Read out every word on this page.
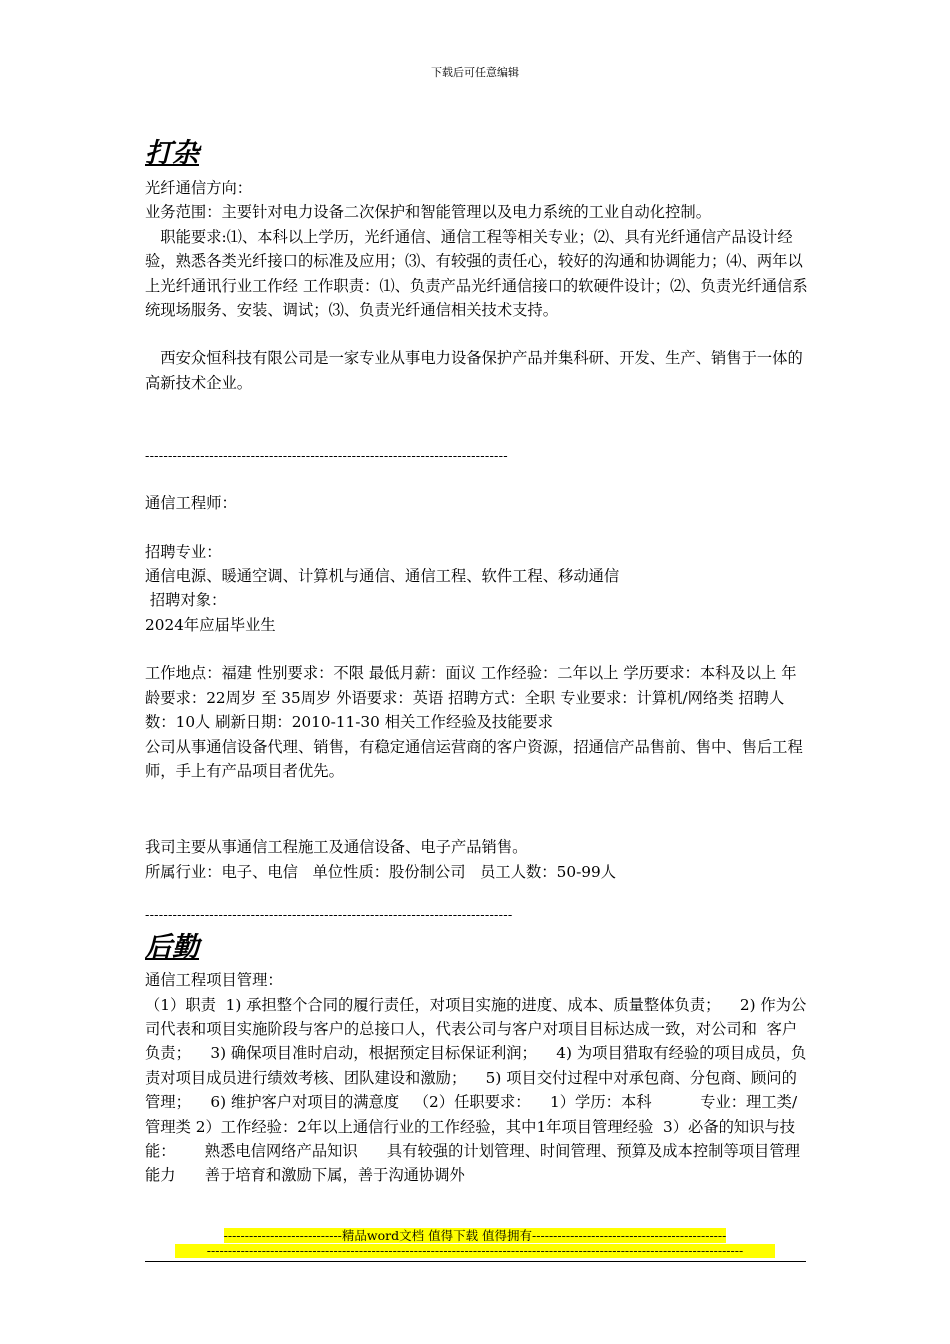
下载后可任意编辑
打杂

光纤通信方向：

业务范围：主要针对电力设备二次保护和智能管理以及电力系统的工业自动化控制。

职能要求:⑴、本科以上学历，光纤通信、通信工程等相关专业；⑵、具有光纤通信产品设计经验，熟悉各类光纤接口的标准及应用；⑶、有较强的责任心，较好的沟通和协调能力；⑷、两年以上光纤通讯行业工作经 工作职责：⑴、负责产品光纤通信接口的软硬件设计；⑵、负责光纤通信系统现场服务、安装、调试；⑶、负责光纤通信相关技术支持。

西安众恒科技有限公司是一家专业从事电力设备保护产品并集科研、开发、生产、销售于一体的高新技术企业。

-------------------------------------------------------------------------------

通信工程师：

招聘专业：

通信电源、暖通空调、计算机与通信、通信工程、软件工程、移动通信

招聘对象：

2024年应届毕业生

工作地点：福建 性别要求：不限 最低月薪：面议 工作经验：二年以上 学历要求：本科及以上 年龄要求：22周岁 至 35周岁 外语要求：英语 招聘方式：全职 专业要求：计算机/网络类 招聘人数：10人 刷新日期：2010-11-30 相关工作经验及技能要求

公司从事通信设备代理、销售，有稳定通信运营商的客户资源，招通信产品售前、售中、售后工程师，手上有产品项目者优先。

我司主要从事通信工程施工及通信设备、电子产品销售。

所属行业：电子、电信   单位性质：股份制公司   员工人数：50-99人

--------------------------------------------------------------------------------

后勤

通信工程项目管理：

（1）职责  1) 承担整个合同的履行责任，对项目实施的进度、成本、质量整体负责；    2) 作为公司代表和项目实施阶段与客户的总接口人，代表公司与客户对项目目标达成一致，对公司和  客户负责；    3) 确保项目准时启动，根据预定目标保证利润；    4) 为项目猎取有经验的项目成员，负责对项目成员进行绩效考核、团队建设和激励；    5) 项目交付过程中对承包商、分包商、顾问的管理；    6) 维护客户对项目的满意度   （2）任职要求：    1）学历：本科          专业：理工类/管理类 2）工作经验：2年以上通信行业的工作经验，其中1年项目管理经验  3）必备的知识与技能：      熟悉电信网络产品知识      具有较强的计划管理、时间管理、预算及成本控制等项目管理能力      善于培育和激励下属，善于沟通协调外

----------------------------精品word文档 值得下载 值得拥有----------------------------------------------
-------------------------------------------------------------------------------------------------------------------------------
